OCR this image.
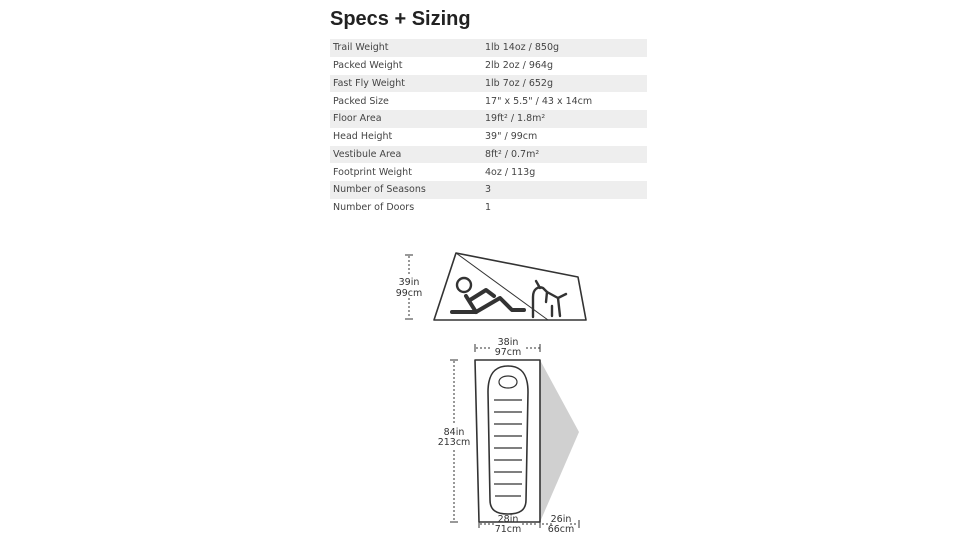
Specs + Sizing
Trail Weight	1lb 14oz / 850g
Packed Weight	2lb 2oz / 964g
Fast Fly Weight	1lb 7oz / 652g
Packed Size	17" x 5.5" / 43 x 14cm
Floor Area	19ft² / 1.8m²
Head Height	39" / 99cm
Vestibule Area	8ft² / 0.7m²
Footprint Weight	4oz / 113g
Number of Seasons	3
Number of Doors	1
39in
99cm
38in
97cm
84in
213cm
28in
71cm
26in
66cm
